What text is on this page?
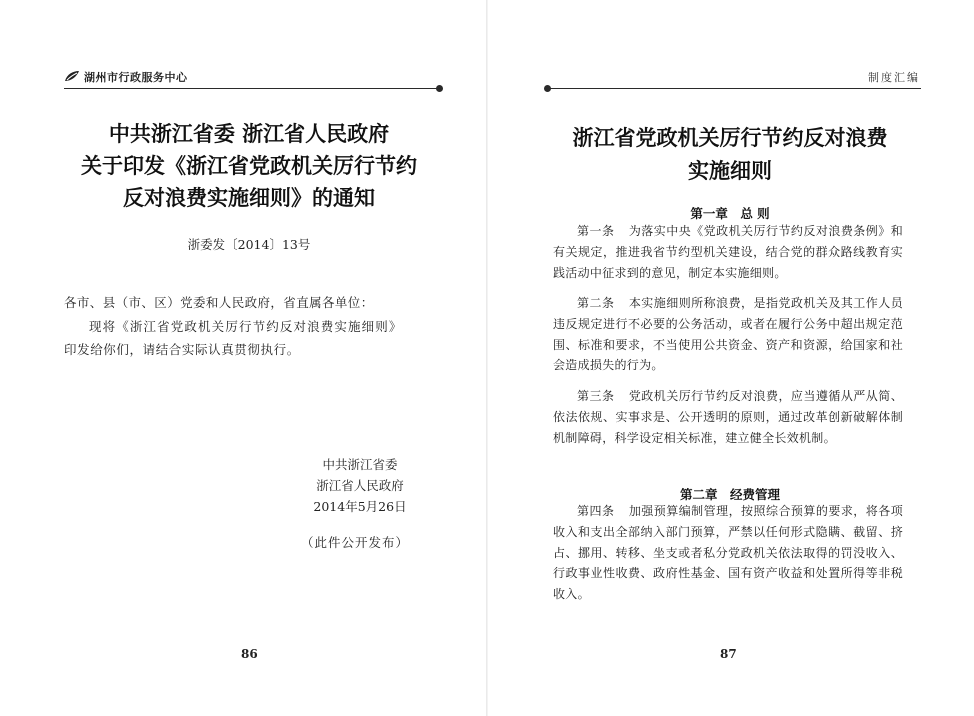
湖州市行政服务中心
中共浙江省委 浙江省人民政府
关于印发《浙江省党政机关厉行节约
反对浪费实施细则》的通知
浙委发〔2014〕13号
各市、县（市、区）党委和人民政府，省直属各单位：
现将《浙江省党政机关厉行节约反对浪费实施细则》印发给你们，请结合实际认真贯彻执行。
中共浙江省委
浙江省人民政府
2014年5月26日
（此件公开发布）
86
制度汇编
浙江省党政机关厉行节约反对浪费
实施细则
第一章　总 则
第一条 为落实中央《党政机关厉行节约反对浪费条例》和有关规定，推进我省节约型机关建设，结合党的群众路线教育实践活动中征求到的意见，制定本实施细则。
第二条 本实施细则所称浪费，是指党政机关及其工作人员违反规定进行不必要的公务活动，或者在履行公务中超出规定范围、标准和要求，不当使用公共资金、资产和资源，给国家和社会造成损失的行为。
第三条 党政机关厉行节约反对浪费，应当遵循从严从简、依法依规、实事求是、公开透明的原则，通过改革创新破解体制机制障碍，科学设定相关标准，建立健全长效机制。
第二章　经费管理
第四条 加强预算编制管理，按照综合预算的要求，将各项收入和支出全部纳入部门预算，严禁以任何形式隐瞒、截留、挤占、挪用、转移、坐支或者私分党政机关依法取得的罚没收入、行政事业性收费、政府性基金、国有资产收益和处置所得等非税收入。
87
